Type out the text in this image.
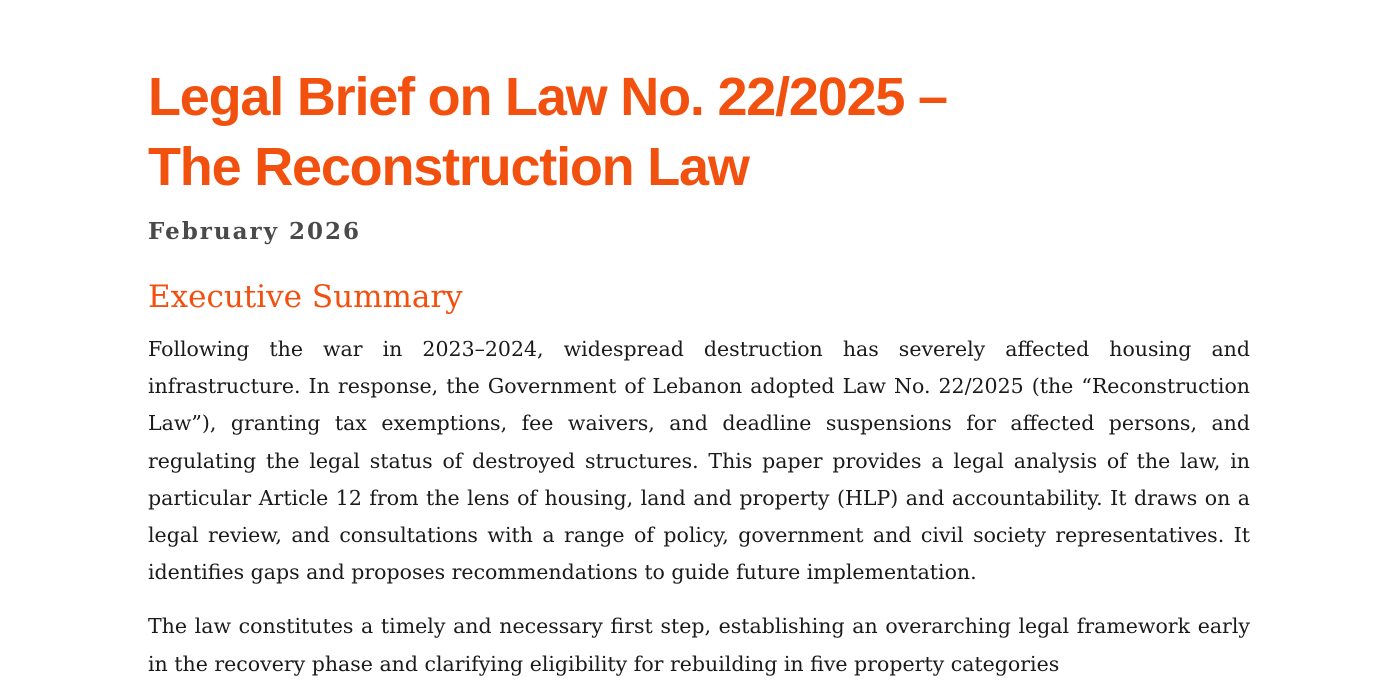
Legal Brief on Law No. 22/2025 –
The Reconstruction Law
February 2026
Executive Summary

Following the war in 2023–2024, widespread destruction has severely affected housing and infrastructure. In response, the Government of Lebanon adopted Law No. 22/2025 (the “Reconstruction Law”), granting tax exemptions, fee waivers, and deadline suspensions for affected persons, and regulating the legal status of destroyed structures. This paper provides a legal analysis of the law, in particular Article 12 from the lens of housing, land and property (HLP) and accountability. It draws on a legal review, and consultations with a range of policy, government and civil society representatives. It identifies gaps and proposes recommendations to guide future implementation.

The law constitutes a timely and necessary first step, establishing an overarching legal framework early in the recovery phase and clarifying eligibility for rebuilding in five property categories
